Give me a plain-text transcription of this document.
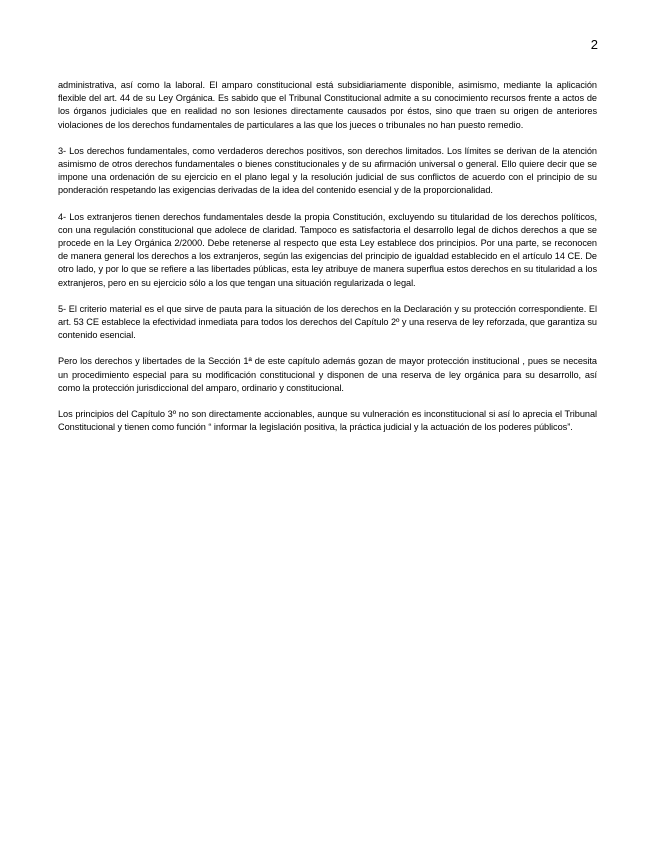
2

administrativa, así como la laboral. El amparo constitucional está subsidiariamente disponible, asimismo, mediante la aplicación flexible del art. 44 de su Ley Orgánica. Es sabido que el Tribunal Constitucional admite a su conocimiento recursos frente a actos de los órganos judiciales que en realidad no son lesiones directamente causados por éstos, sino que traen su origen de anteriores violaciones de los derechos fundamentales de particulares a las que los jueces o tribunales no han puesto remedio.

3- Los derechos fundamentales, como verdaderos derechos positivos, son derechos limitados. Los límites se derivan de la atención asimismo de otros derechos fundamentales o bienes constitucionales y de su afirmación universal o general. Ello quiere decir que se impone una ordenación de su ejercicio en el plano legal y la resolución judicial de sus conflictos de acuerdo con el principio de su ponderación respetando las exigencias derivadas de la idea del contenido esencial y de la proporcionalidad.

4- Los extranjeros tienen derechos fundamentales desde la propia Constitución, excluyendo su titularidad de los derechos políticos, con una regulación constitucional que adolece de claridad. Tampoco es satisfactoria el desarrollo legal de dichos derechos a que se procede en la Ley Orgánica 2/2000. Debe retenerse al respecto que esta Ley establece dos principios. Por una parte, se reconocen de manera general los derechos a los extranjeros, según las exigencias del principio de igualdad establecido en el artículo 14 CE. De otro lado, y por lo que se refiere a las libertades públicas, esta ley atribuye de manera superflua estos derechos en su titularidad a los extranjeros, pero en su ejercicio sólo a los que tengan una situación regularizada o legal.

5- El criterio material es el que sirve de pauta para la situación de los derechos en la Declaración y su protección correspondiente. El art. 53 CE establece la efectividad inmediata para todos los derechos del Capítulo 2º y una reserva de ley reforzada, que garantiza su contenido esencial.

Pero los derechos y libertades de la Sección 1ª de este capítulo además gozan de mayor protección institucional , pues se necesita un procedimiento especial para su modificación constitucional y disponen de una reserva de ley orgánica para su desarrollo, así como la protección jurisdiccional del amparo, ordinario y constitucional.

Los principios del Capítulo 3º no son directamente accionables, aunque su vulneración es inconstitucional si así lo aprecia el Tribunal Constitucional y tienen como función “ informar la legislación positiva, la práctica judicial y la actuación de los poderes públicos”.
